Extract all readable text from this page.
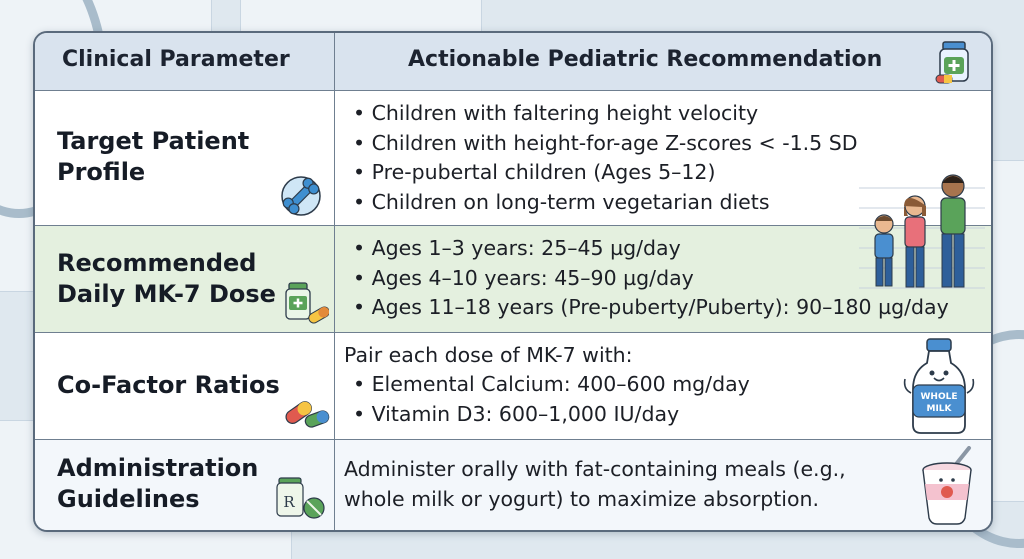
Clinical Parameter	Actionable Pediatric Recommendation
Target Patient
Profile
• Children with faltering height velocity
• Children with height-for-age Z-scores < -1.5 SD
• Pre-pubertal children (Ages 5–12)
• Children on long-term vegetarian diets
Recommended
Daily MK-7 Dose
• Ages 1–3 years: 25–45 µg/day
• Ages 4–10 years: 45–90 µg/day
• Ages 11–18 years (Pre-puberty/Puberty): 90–180 µg/day
Co-Factor Ratios
Pair each dose of MK-7 with:
• Elemental Calcium: 400–600 mg/day
• Vitamin D3: 600–1,000 IU/day
WHOLE
MILK
Administration
Guidelines	R
Administer orally with fat-containing meals (e.g.,
whole milk or yogurt) to maximize absorption.
